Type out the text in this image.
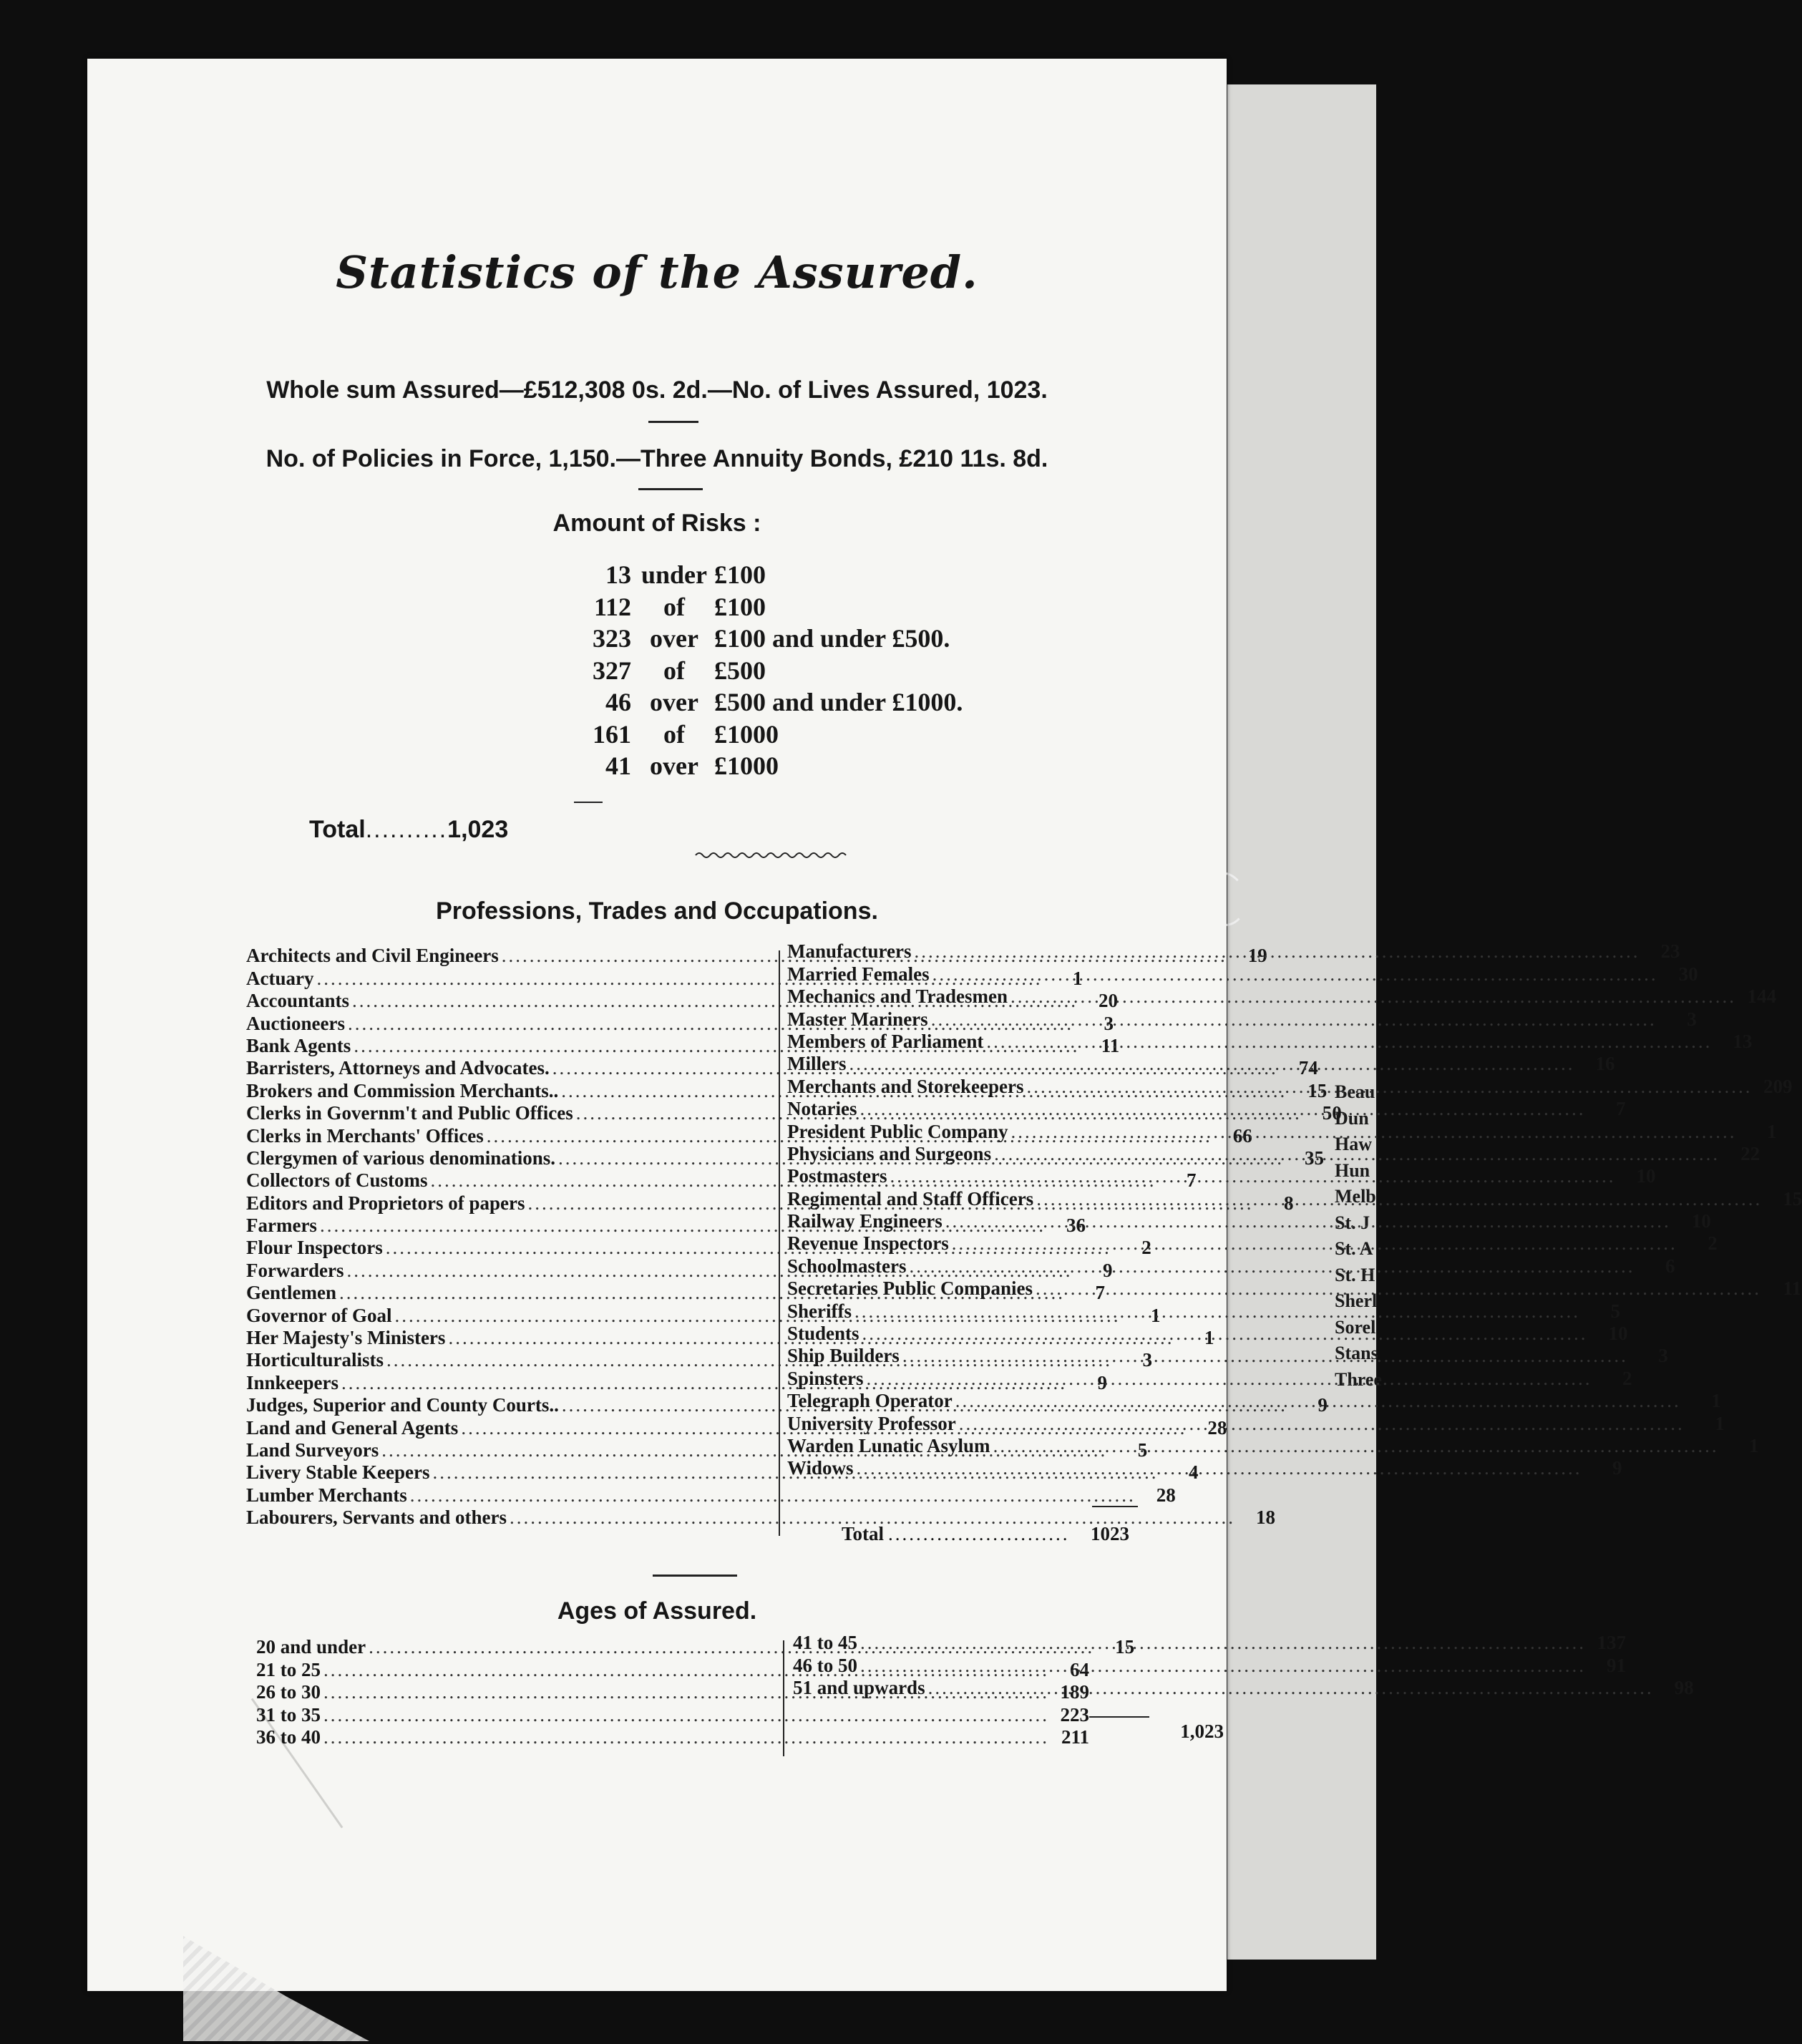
Beau
Dun
Haw
Hun
Melb
St. J
St. A
St. H
Sherl
Sorel
Stans
Three
Statistics of the Assured.
Whole sum Assured—£512,308 0s. 2d.—No. of Lives Assured, 1023.
No. of Policies in Force, 1,150.—Three Annuity Bonds, £210 11s. 8d.
Amount of Risks :
13 under £100
112	of	£100
323 over £100 and under £500.
327	of	£500
46 over £500 and under £1000.
161	of	£1000
41 over £1000
Total..........1,023
Professions, Trades and Occupations.
Architects and Civil Engineers .....	19
Actuary .....	1
Accountants .....	20
Auctioneers .....	3
Bank Agents .....	11
Barristers, Attorneys and Advocates. .....	74
Brokers and Commission Merchants.. .....	15
Clerks in Governm't and Public Offices .....	50
Clerks in Merchants' Offices .....	66
Clergymen of various denominations. .....	35
Collectors of Customs .....	7
Editors and Proprietors of papers .....	8
Farmers .....	36
Flour Inspectors .....	2
Forwarders .....	9
Gentlemen .....	7
Governor of Goal .....	1
Her Majesty's Ministers .....	1
Horticulturalists .....	3
Innkeepers .....	9
Judges, Superior and County Courts.. .....	9
Land and General Agents .....	28
Land Surveyors .....	5
Livery Stable Keepers .....	4
Lumber Merchants .....	28
Labourers, Servants and others .....	18
Manufacturers .....	23
Married Females .....	30
Mechanics and Tradesmen .....	144
Master Mariners .....	3
Members of Parliament .....	13
Millers .....	16
Merchants and Storekeepers .....	209
Notaries .....	7
President Public Company .....	1
Physicians and Surgeons .....	22
Postmasters .....	10
Regimental and Staff Officers .....	15
Railway Engineers .....	10
Revenue Inspectors .....	2
Schoolmasters .....	6
Secretaries Public Companies .....	11
Sheriffs .....	5
Students .....	10
Ship Builders .....	3
Spinsters .....	2
Telegraph Operator .....	1
University Professor .....	1
Warden Lunatic Asylum .....	1
Widows .....	9
Total ..........................	1023
Ages of Assured.
20 and under .....	15
21 to 25 .....	64
26 to 30 .....	189
31 to 35 .....	223
36 to 40 .....	211
41 to 45 .....	137
46 to 50 .....	91
51 and upwards .....	98
1,023
